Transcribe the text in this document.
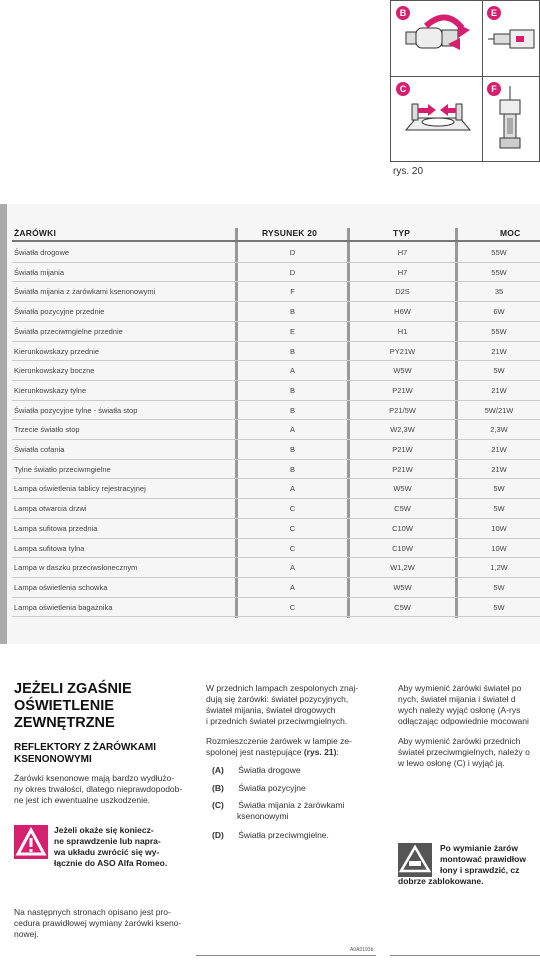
B	E
C	F
rys. 20
ŻARÓWKI	RYSUNEK 20	TYP	MOC
Światła drogowe	D	H7	55W
Światła mijania	D	H7	55W
Światła mijania z żarówkami ksenonowymi	F	D2S	35
Światła pozycyjne przednie	B	H6W	6W
Światła przeciwmgielne przednie	E	H1	55W
Kierunkowskazy przednie	B	PY21W	21W
Kierunkowskazy boczne	A	W5W	5W
Kierunkowskazy tylne	B	P21W	21W
Światła pozycyjne tylne - światła stop	B	P21/5W	5W/21W
Trzecie światło stop	A	W2,3W	2,3W
Światła cofania	B	P21W	21W
Tylne światło przeciwmgielne	B	P21W	21W
Lampa oświetlenia tablicy rejestracyjnej	A	W5W	5W
Lampa otwarcia drzwi	C	C5W	5W
Lampa sufitowa przednia	C	C10W	10W
Lampa sufitowa tylna	C	C10W	10W
Lampa w daszku przeciwsłonecznym	A	W1,2W	1,2W
Lampa oświetlenia schowka	A	W5W	5W
Lampa oświetlenia bagażnika	C	C5W	5W
JEŻELI ZGAŚNIE
OŚWIETLENIE
ZEWNĘTRZNE
REFLEKTORY Z ŻARÓWKAMI
KSENONOWYMI
Żarówki ksenonowe mają bardzo wydłużo-
ny okres trwałości, dlatego nieprawdopodob-
ne jest ich ewentualne uszkodzenie.
Jeżeli okaże się koniecz-
ne sprawdzenie lub napra-
wa układu zwrócić się wy-
łącznie do ASO Alfa Romeo.
Na następnych stronach opisano jest pro-
cedura prawidłowej wymiany żarówki kseno-
nowej.
W przednich lampach zespolonych znaj-
dują się żarówki: świateł pozycyjnych,
świateł mijania, świateł drogowych
i przednich świateł przeciwmgielnych.
Rozmieszczenie żarówek w lampie ze-
spolonej jest następujące (rys. 21):
(A) Światła drogowe
(B) Światła pozycyjne
(C) Światła mijania z żarówkami
ksenonowymi
(D) Światła przeciwmgielne.
Aby wymienić żarówki świateł po
nych, świateł mijania i świateł d
wych należy wyjąć osłonę (A-rys
odłączając odpowiednie mocowani
Aby wymienić żarówki przednich
świateł przeciwmgielnych, należy o
w lewo osłonę (C) i wyjąć ją.
Po wymianie żarów
montować prawidłow
łony i sprawdzić, cz
dobrze zablokowane.
A0A0193b
